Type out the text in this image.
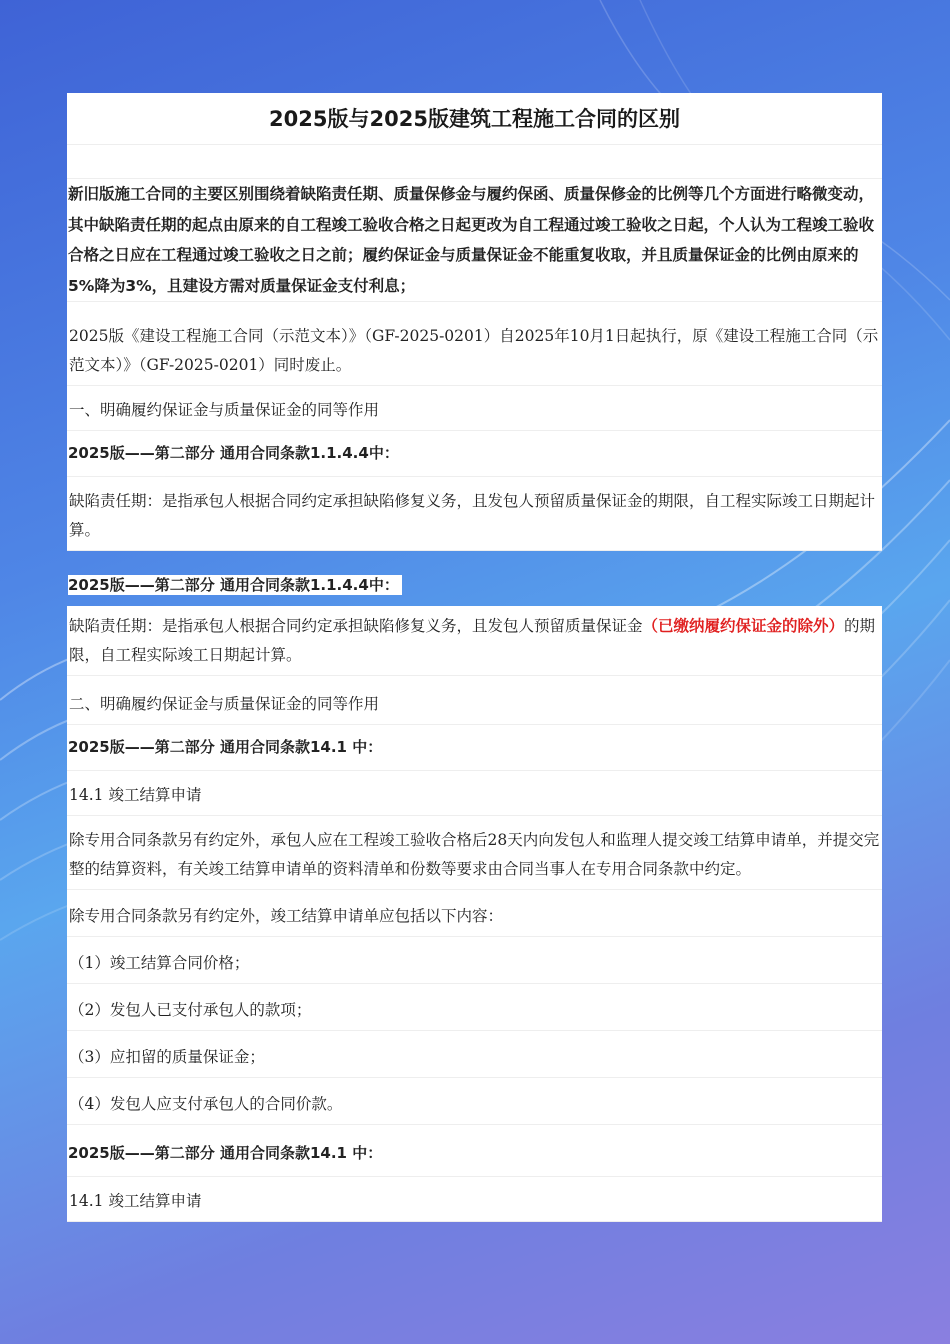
2025版与2025版建筑工程施工合同的区别
新旧版施工合同的主要区别围绕着缺陷责任期、质量保修金与履约保函、质量保修金的比例等几个方面进行略微变动，其中缺陷责任期的起点由原来的自工程竣工验收合格之日起更改为自工程通过竣工验收之日起，个人认为工程竣工验收合格之日应在工程通过竣工验收之日之前；履约保证金与质量保证金不能重复收取，并且质量保证金的比例由原来的5%降为3%，且建设方需对质量保证金支付利息；
2025版《建设工程施工合同（示范文本）》（GF-2025-0201）自2025年10月1日起执行，原《建设工程施工合同（示范文本）》（GF-2025-0201）同时废止。
一、明确履约保证金与质量保证金的同等作用
2025版——第二部分 通用合同条款1.1.4.4中：
缺陷责任期：是指承包人根据合同约定承担缺陷修复义务，且发包人预留质量保证金的期限，自工程实际竣工日期起计算。
2025版——第二部分 通用合同条款1.1.4.4中：
缺陷责任期：是指承包人根据合同约定承担缺陷修复义务，且发包人预留质量保证金（已缴纳履约保证金的除外）的期限，自工程实际竣工日期起计算。
二、明确履约保证金与质量保证金的同等作用
2025版——第二部分 通用合同条款14.1 中：
14.1 竣工结算申请
除专用合同条款另有约定外，承包人应在工程竣工验收合格后28天内向发包人和监理人提交竣工结算申请单，并提交完整的结算资料，有关竣工结算申请单的资料清单和份数等要求由合同当事人在专用合同条款中约定。
除专用合同条款另有约定外，竣工结算申请单应包括以下内容：
（1）竣工结算合同价格；
（2）发包人已支付承包人的款项；
（3）应扣留的质量保证金；
（4）发包人应支付承包人的合同价款。
2025版——第二部分 通用合同条款14.1 中：
14.1 竣工结算申请
